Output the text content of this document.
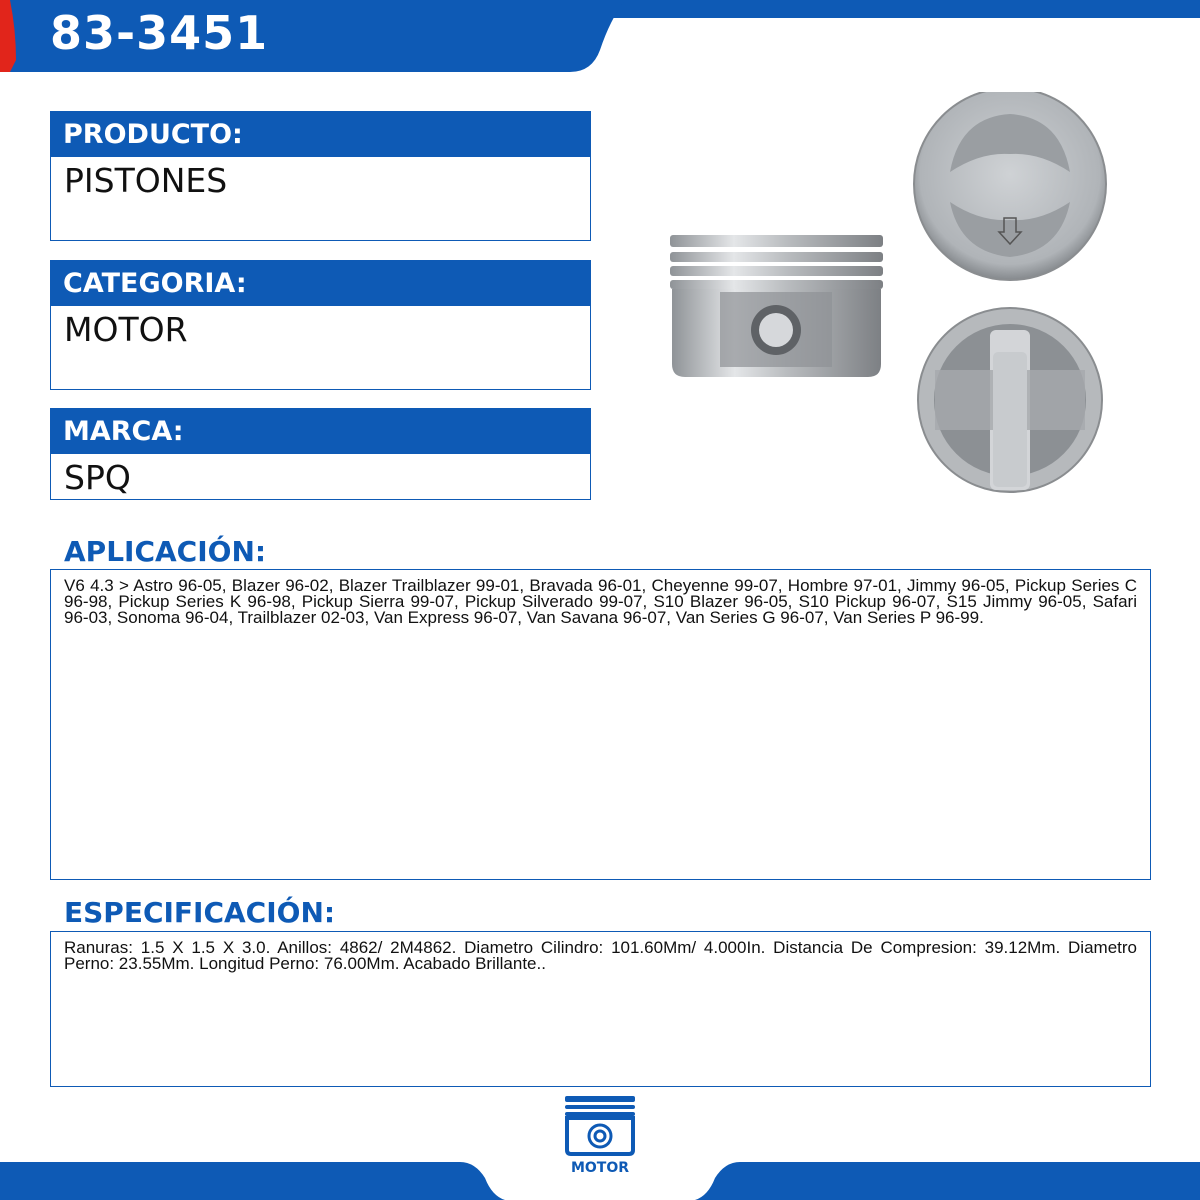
83-3451
PRODUCTO:
PISTONES
CATEGORIA:
MOTOR
MARCA:
SPQ
APLICACIÓN:
V6 4.3 > Astro 96-05, Blazer 96-02, Blazer Trailblazer 99-01, Bravada 96-01, Cheyenne 99-07, Hombre 97-01, Jimmy 96-05, Pickup Series C 96-98, Pickup Series K 96-98, Pickup Sierra 99-07, Pickup Silverado 99-07, S10 Blazer 96-05, S10 Pickup 96-07, S15 Jimmy 96-05, Safari 96-03, Sonoma 96-04, Trailblazer 02-03, Van Express 96-07, Van Savana 96-07, Van Series G 96-07, Van Series P 96-99.
ESPECIFICACIÓN:
Ranuras: 1.5 X 1.5 X 3.0. Anillos: 4862/ 2M4862. Diametro Cilindro: 101.60Mm/ 4.000In. Distancia De Compresion: 39.12Mm. Diametro Perno: 23.55Mm. Longitud Perno: 76.00Mm. Acabado Brillante..
MOTOR
